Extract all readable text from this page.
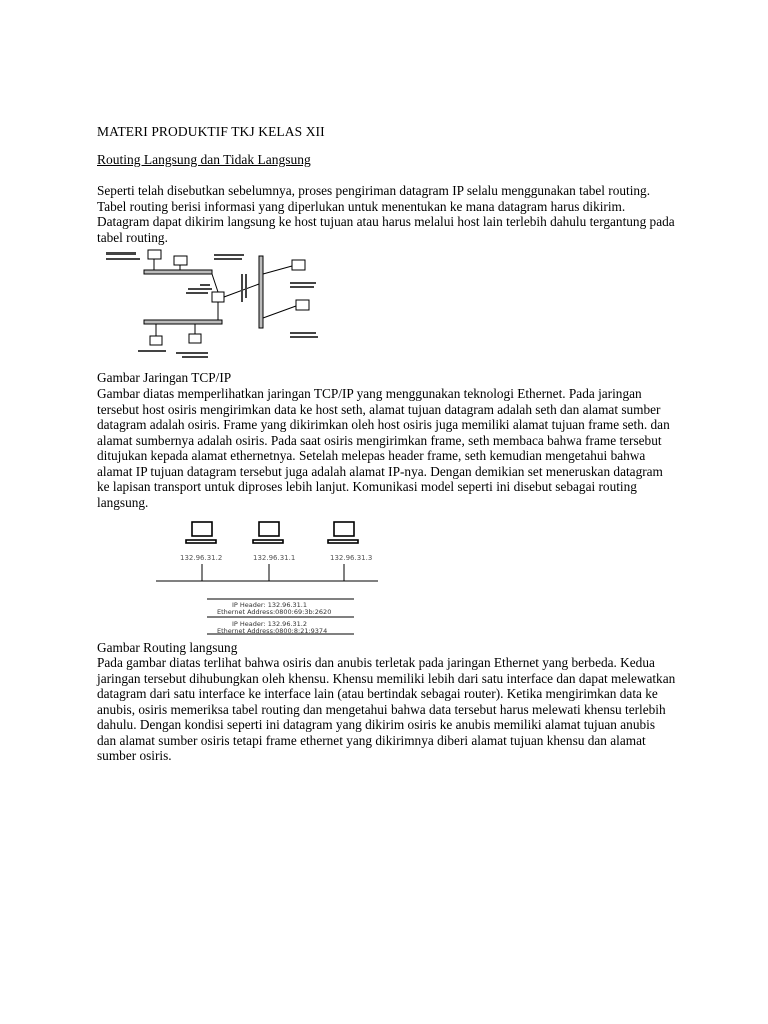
MATERI PRODUKTIF TKJ KELAS XII
Routing Langsung dan Tidak Langsung

Seperti telah disebutkan sebelumnya, proses pengiriman datagram IP selalu menggunakan tabel routing. Tabel routing berisi informasi yang diperlukan untuk menentukan ke mana datagram harus dikirim. Datagram dapat dikirim langsung ke host tujuan atau harus melalui host lain terlebih dahulu tergantung pada tabel routing.

Gambar Jaringan TCP/IP

Gambar diatas memperlihatkan jaringan TCP/IP yang menggunakan teknologi Ethernet. Pada jaringan tersebut host osiris mengirimkan data ke host seth, alamat tujuan datagram adalah seth dan alamat sumber datagram adalah osiris. Frame yang dikirimkan oleh host osiris juga memiliki alamat tujuan frame seth. dan alamat sumbernya adalah osiris. Pada saat osiris mengirimkan frame, seth membaca bahwa frame tersebut ditujukan kepada alamat ethernetnya. Setelah melepas header frame, seth kemudian mengetahui bahwa alamat IP tujuan datagram tersebut juga adalah alamat IP-nya. Dengan demikian set meneruskan datagram ke lapisan transport untuk diproses lebih lanjut. Komunikasi model seperti ini disebut sebagai routing langsung.

132.96.31.2	132.96.31.1	132.96.31.3
IP Header: 132.96.31.1
Ethernet Address:0800:69:3b:2620
IP Header: 132.96.31.2
Ethernet Address:0800:8:21:9374
Gambar Routing langsung

Pada gambar diatas terlihat bahwa osiris dan anubis terletak pada jaringan Ethernet yang berbeda. Kedua jaringan tersebut dihubungkan oleh khensu. Khensu memiliki lebih dari satu interface dan dapat melewatkan datagram dari satu interface ke interface lain (atau bertindak sebagai router). Ketika mengirimkan data ke anubis, osiris memeriksa tabel routing dan mengetahui bahwa data tersebut harus melewati khensu terlebih dahulu. Dengan kondisi seperti ini datagram yang dikirim osiris ke anubis memiliki alamat tujuan anubis dan alamat sumber osiris tetapi frame ethernet yang dikirimnya diberi alamat tujuan khensu dan alamat sumber osiris.
